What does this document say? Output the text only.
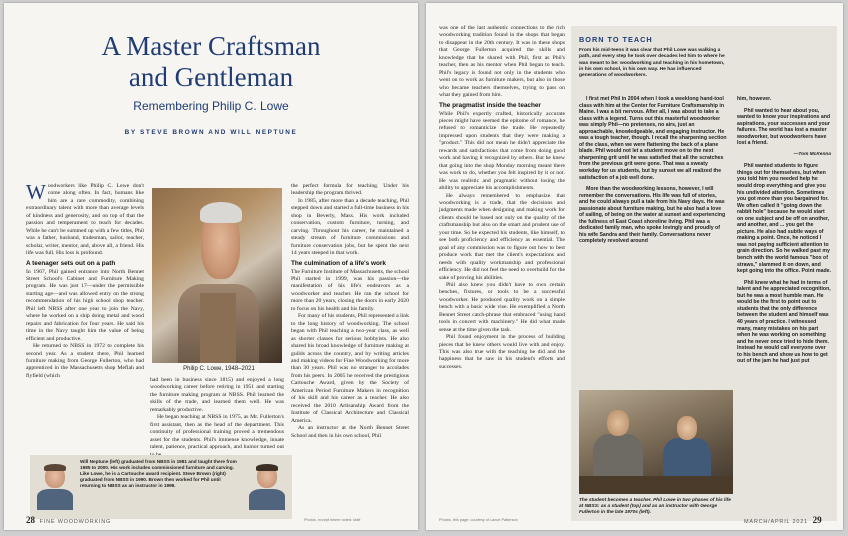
A Master Craftsman
and Gentleman
Remembering Philip C. Lowe
BY STEVE BROWN AND WILL NEPTUNE

Woodworkers like Philip C. Lowe don't come along often. In fact, humans like him are a rare commodity, combining extraordinary talent with more than average levels of kindness and generosity, and on top of that the passion and temperament to teach for decades. While he can't be summed up with a few titles, Phil was a father, husband, tradesman, sailor, teacher, scholar, writer, mentor, and, above all, a friend. His life was full. His loss is profound.

A teenager sets out on a path

In 1967, Phil gained entrance into North Bennet Street School's Cabinet and Furniture Making program. He was just 17—under the permissible starting age—and was allowed entry on the strong recommendation of his high school shop teacher. Phil left NBSS after one year to join the Navy, where he worked on a ship doing metal and wood repairs and fabrication for four years. He said his time in the Navy taught him the value of being efficient and productive.

He returned to NBSS in 1972 to complete his second year. As a student there, Phil learned furniture making from George Fullerton, who had apprenticed in the Massachusetts shop Meflah and flyfield (which

Philip C. Lowe, 1948–2021

had been in business since 1815) and enjoyed a long woodworking career before retiring in 1951 and starting the furniture making program at NBSS. Phil learned the skills of the trade, and learned them well. He was remarkably productive.

He began teaching at NBSS in 1975, as Mr. Fullerton's first assistant, then as the head of the department. This continuity of professional training proved a tremendous asset for the students. Phil's immense knowledge, innate talent, patience, practical approach, and humor turned out

the perfect formula for teaching. Under his leadership the program thrived.

In 1985, after more than a decade teaching, Phil stepped down and started a full-time business in his shop in Beverly, Mass. His work included conservation, custom furniture, turning, and carving. Throughout his career, he maintained a steady stream of furniture commissions and furniture conservation jobs, but he spent the next 14 years steeped in that work.

The culmination of a life's work

The Furniture Institute of Massachusetts, the school Phil started in 1999, was his passion—the manifestation of his life's endeavors as a woodworker and teacher. He ran the school for more than 20 years, closing the doors in early 2020 to focus on his health and his family.

For many of his students, Phil represented a link to the long history of woodworking. The school began with Phil teaching a two-year class, as well as shorter classes for serious hobbyists. He also shared his broad knowledge of furniture making at guilds across the country, and by writing articles and making videos for Fine Woodworking for more than 30 years. Phil was no stranger to accolades from his peers. In 2005 he received the prestigious Cartouche Award, given by the Society of American Period Furniture Makers in recognition of his skill and his career as a teacher. He also received the 2010 Artisanship Award from the Institute of Classical Architecture and Classical America.

As an instructor at the North Bennet Street School and then in his own school, Phil

Will Neptune (left) graduated from NBSS in 1981 and taught there from 1985 to 2000. His work includes commissioned furniture and carving. Like Lowe, he is a Cartouche award recipient. Steve Brown (right) graduated from NBSS in 1990. Brown then worked for Phil until returning to NBSS as an instructor in 1999.
28 FINE WOODWORKING	Photos, except where noted: staff

was one of the last authentic connections to the rich woodworking tradition found in the shops that began to disappear in the 20th century. It was in these shops that George Fullerton acquired the skills and knowledge that he shared with Phil, first as Phil's teacher, then as his mentor when Phil began to teach. Phil's legacy is found not only in the students who went on to work as furniture makers, but also in those who became teachers themselves, trying to pass on what they gained from him.

The pragmatist inside the teacher

While Phil's expertly crafted, historically accurate pieces might have seemed the epitome of romance, he refused to romanticize the trade. He repeatedly impressed upon students that they were making a "product." This did not mean he didn't appreciate the rewards and satisfactions that come from doing good work and having it recognized by others. But he knew that going into the shop Monday morning meant there was work to do, whether you felt inspired by it or not. He was realistic and pragmatic without losing the ability to appreciate his accomplishments.

He always remembered to emphasize that woodworking is a trade, that the decisions and judgments made when designing and making work for clients should be based not only on the quality of the craftsmanship but also on the smart and prudent use of your time. So he expected his students, like himself, to see both proficiency and efficiency as essential. The goal of any commission was to figure out how to best produce work that met the client's expectations and needs with quality workmanship and professional efficiency. He did not feel the need to overbuild for the sake of proving his abilities.

Phil also knew you didn't have to own certain benches, fixtures, or tools to be a successful woodworker. He produced quality work on a simple bench with a basic wide vise. He exemplified a North Bennet Street catch-phrase that embraced "using hand tools in concert with machinery." He did what made sense at the time given the task.

Phil found enjoyment in the process of building pieces that he knew others would live with and enjoy. This was also true with the teaching he did and the happiness that he saw in his student's efforts and successes.

BORN TO TEACH
From his mid-teens it was clear that Phil Lowe was walking a path, and every step he took over decades led him to where he was meant to be: woodworking and teaching in his hometown, in his own school, in his own way. He has influenced generations of woodworkers.

I first met Phil in 2004 when I took a weeklong hand-tool class with him at the Center for Furniture Craftsmanship in Maine. I was a bit nervous. After all, I was about to take a class with a legend. Turns out this masterful woodworker was simply Phil—no pretenses, no airs, just an approachable, knowledgeable, and engaging instructor. He was a tough teacher, though. I recall the sharpening section of the class, when we were flattening the back of a plane blade. Phil would not let a student move on to the next sharpening grit until he was satisfied that all the scratches from the previous grit were gone. That was a sweaty workday for us students, but by sunset we all realized the satisfaction of a job well done.

More than the woodworking lessons, however, I will remember the conversations. His life was full of stories, and he could always pull a tale from his Navy days. He was passionate about furniture making, but he also had a love of sailing, of being on the water at sunset and experiencing the fullness of East Coast shoreline living. Phil was a dedicated family man, who spoke lovingly and proudly of his wife Sandra and their family. Conversations never completely revolved around

him, however.

Phil wanted to hear about you, wanted to know your inspirations and aspirations, your successes and your failures. The world has lost a master woodworker, but woodworkers have lost a friend.

—Tom McKenna

Phil wanted students to figure things out for themselves, but when you told him you needed help he would drop everything and give you his undivided attention. Sometimes you got more than you bargained for. We often called it "going down the rabbit hole" because he would start on one subject and be off on another, and another, and ... you get the picture. He also had subtle ways of making a point. Once, he noticed I was not paying sufficient attention to grain direction. So he walked past my bench with the world famous "box of straws," slammed it on down, and kept going into the office. Point made.

Phil knew what he had in terms of talent and he appreciated recognition, but he was a most humble man. He would be the first to point out to students that the only difference between the student and himself was 40 years of practice. I witnessed many, many mistakes on his part when he was working on something and he never once tried to hide them. Instead he would call everyone over to his bench and show us how to get out of the jam he had just put

The student becomes a teacher. Phil Lowe in two phases of his life at NBSS: as a student (top) and as an instructor with George Fullerton in the late 1970s (left).
Photos, this page: courtesy of Lance Patterson	MARCH/APRIL 2021 29
